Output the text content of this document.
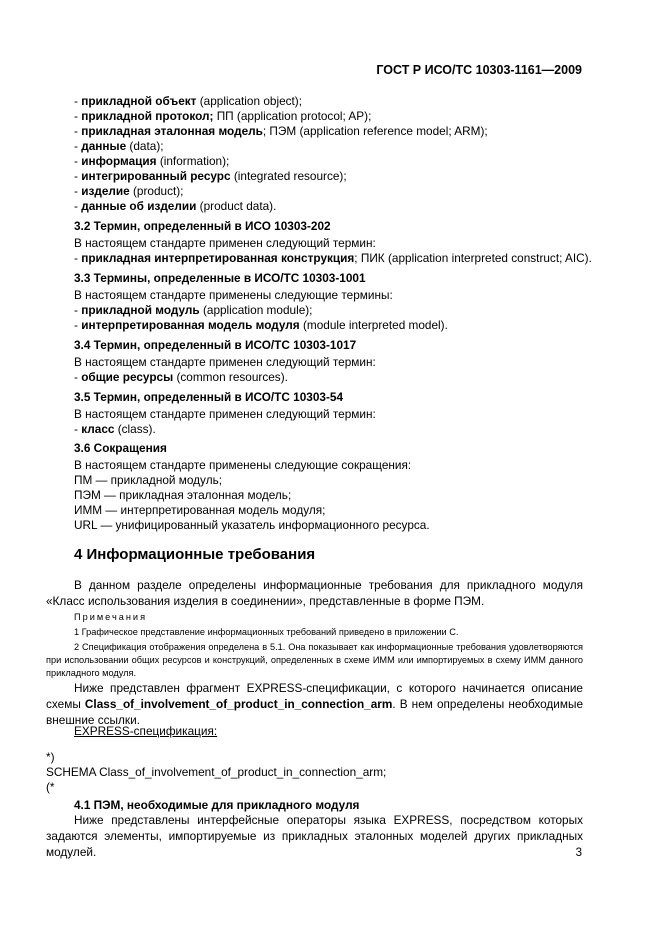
ГОСТ Р ИСО/ТС 10303-1161—2009
- прикладной объект (application object);
- прикладной протокол; ПП (application protocol; AP);
- прикладная эталонная модель; ПЭМ (application reference model; ARM);
- данные (data);
- информация (information);
- интегрированный ресурс (integrated resource);
- изделие (product);
- данные об изделии (product data).
3.2 Термин, определенный в ИСО 10303-202
В настоящем стандарте применен следующий термин:
- прикладная интерпретированная конструкция; ПИК (application interpreted construct; AIC).
3.3 Термины, определенные в ИСО/ТС 10303-1001
В настоящем стандарте применены следующие термины:
- прикладной модуль (application module);
- интерпретированная модель модуля (module interpreted model).
3.4 Термин, определенный в ИСО/ТС 10303-1017
В настоящем стандарте применен следующий термин:
- общие ресурсы (common resources).
3.5 Термин, определенный в ИСО/ТС 10303-54
В настоящем стандарте применен следующий термин:
- класс (class).
3.6 Сокращения
В настоящем стандарте применены следующие сокращения:
ПМ — прикладной модуль;
ПЭМ — прикладная эталонная модель;
ИММ — интерпретированная модель модуля;
URL — унифицированный указатель информационного ресурса.
4 Информационные требования
В данном разделе определены информационные требования для прикладного модуля «Класс использования изделия в соединении», представленные в форме ПЭМ.
Примечания
1 Графическое представление информационных требований приведено в приложении С.
2 Спецификация отображения определена в 5.1. Она показывает как информационные требования удовлетворяются при использовании общих ресурсов и конструкций, определенных в схеме ИММ или импортируемых в схему ИММ данного прикладного модуля.
Ниже представлен фрагмент EXPRESS-спецификации, с которого начинается описание схемы Class_of_involvement_of_product_in_connection_arm. В нем определены необходимые внешние ссылки.
EXPRESS-спецификация:
*)
SCHEMA Class_of_involvement_of_product_in_connection_arm;
(*
4.1 ПЭМ, необходимые для прикладного модуля
Ниже представлены интерфейсные операторы языка EXPRESS, посредством которых задаются элементы, импортируемые из прикладных эталонных моделей других прикладных модулей.	3
